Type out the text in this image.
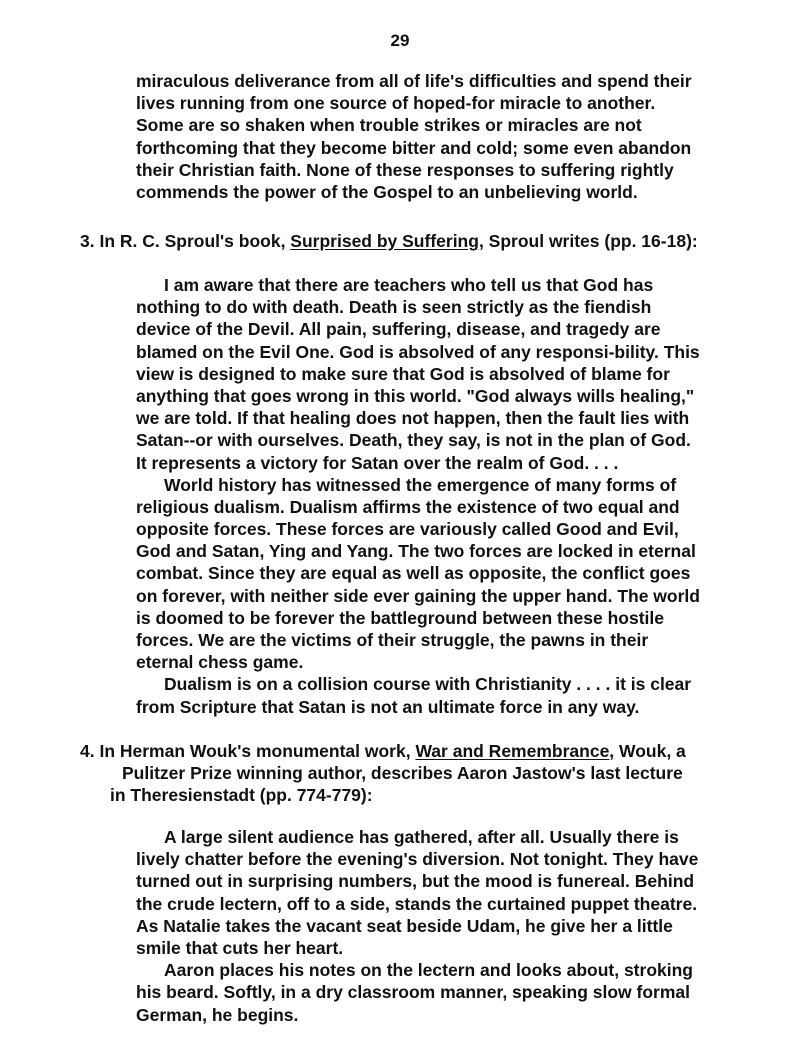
29
miraculous deliverance from all of life's difficulties and spend their
lives running from one source of hoped-for miracle to another.
Some are so shaken when trouble strikes or miracles are not
forthcoming that they become bitter and cold; some even abandon
their Christian faith. None of these responses to suffering rightly
commends the power of the Gospel to an unbelieving world.
3. In R. C. Sproul's book, Surprised by Suffering, Sproul writes (pp. 16-18):
I am aware that there are teachers who tell us that God has
nothing to do with death. Death is seen strictly as the fiendish
device of the Devil. All pain, suffering, disease, and tragedy are
blamed on the Evil One. God is absolved of any responsi-bility. This
view is designed to make sure that God is absolved of blame for
anything that goes wrong in this world. "God always wills healing,"
we are told. If that healing does not happen, then the fault lies with
Satan--or with ourselves. Death, they say, is not in the plan of God.
It represents a victory for Satan over the realm of God. . . .
World history has witnessed the emergence of many forms of
religious dualism. Dualism affirms the existence of two equal and
opposite forces. These forces are variously called Good and Evil,
God and Satan, Ying and Yang. The two forces are locked in eternal
combat. Since they are equal as well as opposite, the conflict goes
on forever, with neither side ever gaining the upper hand. The world
is doomed to be forever the battleground between these hostile
forces. We are the victims of their struggle, the pawns in their
eternal chess game.
Dualism is on a collision course with Christianity . . . . it is clear
from Scripture that Satan is not an ultimate force in any way.
4. In Herman Wouk's monumental work, War and Remembrance, Wouk, a
Pulitzer Prize winning author, describes Aaron Jastow's last lecture
in Theresienstadt (pp. 774-779):
A large silent audience has gathered, after all. Usually there is
lively chatter before the evening's diversion. Not tonight. They have
turned out in surprising numbers, but the mood is funereal. Behind
the crude lectern, off to a side, stands the curtained puppet theatre.
As Natalie takes the vacant seat beside Udam, he give her a little
smile that cuts her heart.
Aaron places his notes on the lectern and looks about, stroking
his beard. Softly, in a dry classroom manner, speaking slow formal
German, he begins.
